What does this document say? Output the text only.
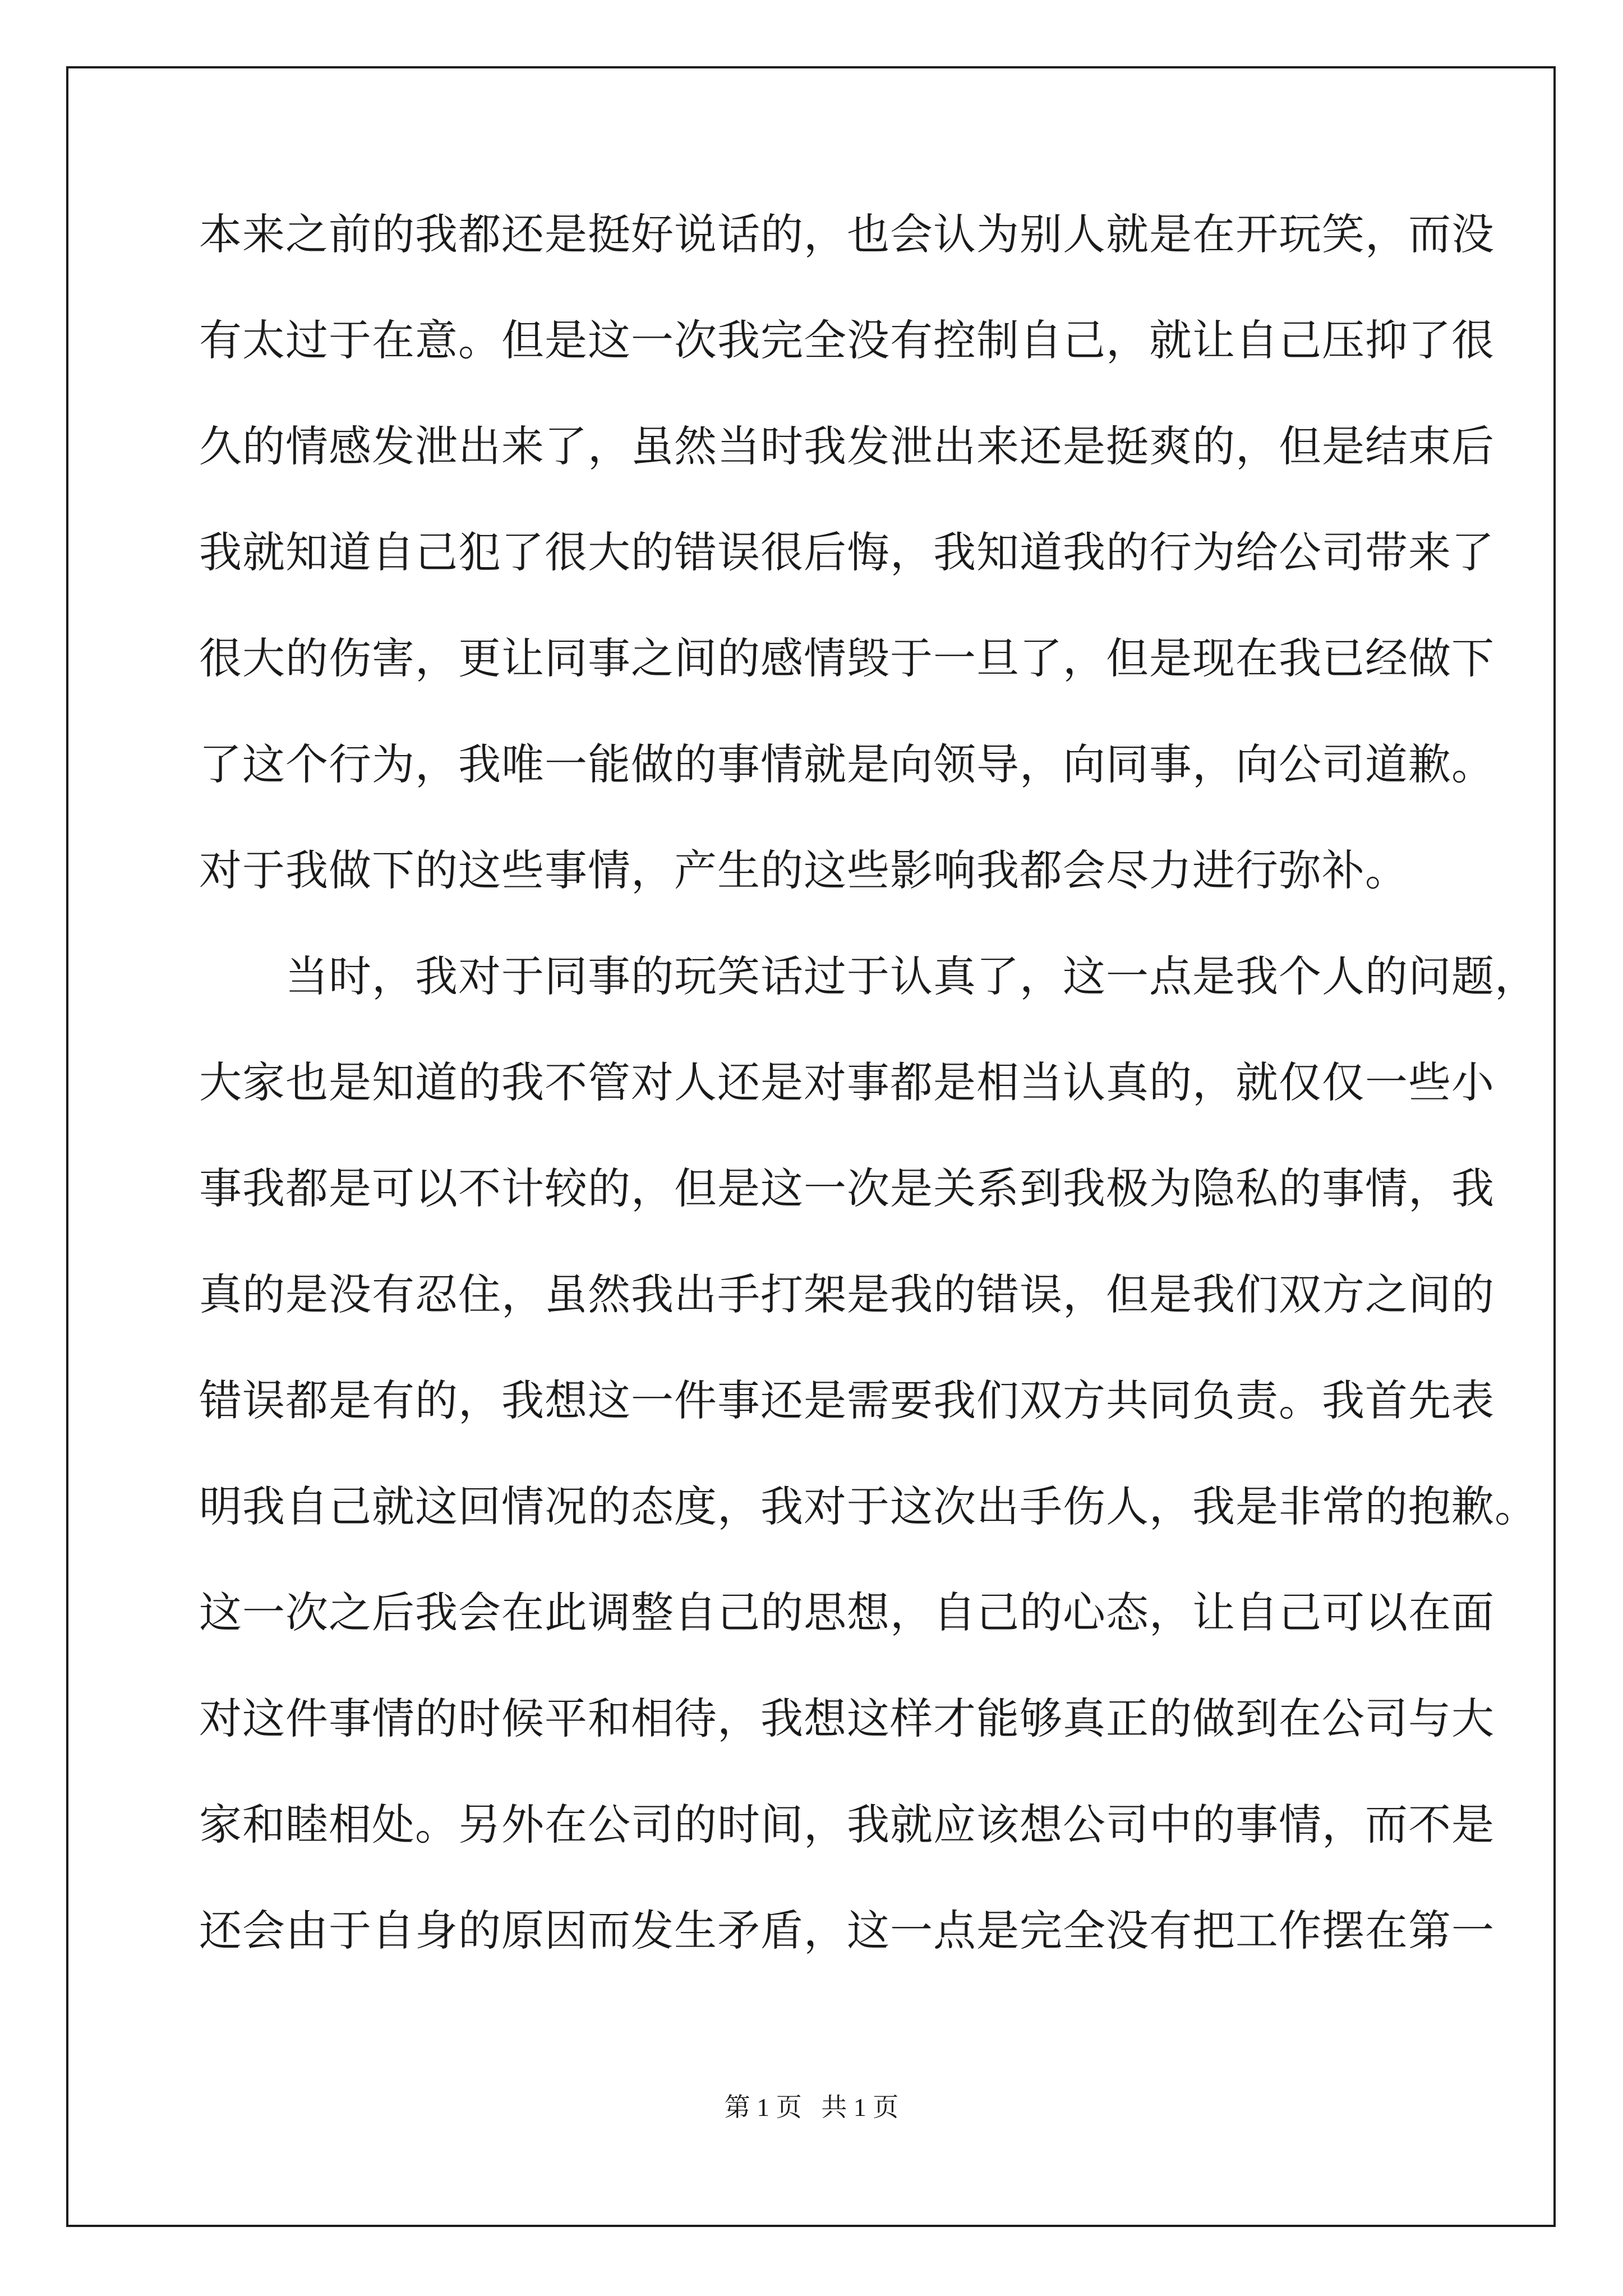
本来之前的我都还是挺好说话的，也会认为别人就是在开玩笑，而没
有太过于在意。但是这一次我完全没有控制自己，就让自己压抑了很
久的情感发泄出来了，虽然当时我发泄出来还是挺爽的，但是结束后
我就知道自己犯了很大的错误很后悔，我知道我的行为给公司带来了
很大的伤害，更让同事之间的感情毁于一旦了，但是现在我已经做下
了这个行为，我唯一能做的事情就是向领导，向同事，向公司道歉。
对于我做下的这些事情，产生的这些影响我都会尽力进行弥补。
　　当时，我对于同事的玩笑话过于认真了，这一点是我个人的问题，
大家也是知道的我不管对人还是对事都是相当认真的，就仅仅一些小
事我都是可以不计较的，但是这一次是关系到我极为隐私的事情，我
真的是没有忍住，虽然我出手打架是我的错误，但是我们双方之间的
错误都是有的，我想这一件事还是需要我们双方共同负责。我首先表
明我自己就这回情况的态度，我对于这次出手伤人，我是非常的抱歉。
这一次之后我会在此调整自己的思想，自己的心态，让自己可以在面
对这件事情的时候平和相待，我想这样才能够真正的做到在公司与大
家和睦相处。另外在公司的时间，我就应该想公司中的事情，而不是
还会由于自身的原因而发生矛盾，这一点是完全没有把工作摆在第一
第 1 页   共 1 页
